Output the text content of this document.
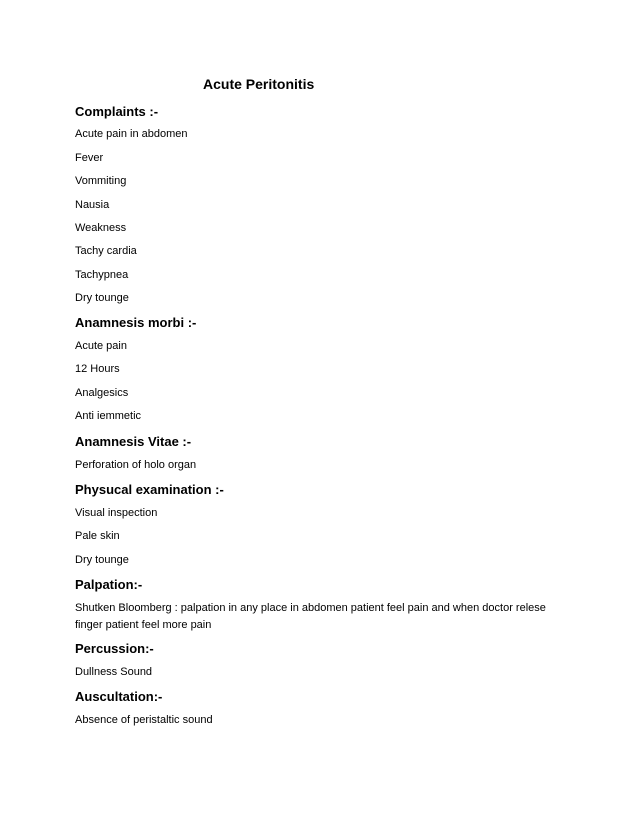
Acute Peritonitis
Complaints :-
Acute pain in abdomen
Fever
Vommiting
Nausia
Weakness
Tachy cardia
Tachypnea
Dry tounge
Anamnesis morbi :-
Acute pain
12 Hours
Analgesics
Anti iemmetic
Anamnesis Vitae :-
Perforation of holo organ
Physucal examination :-
Visual inspection
Pale skin
Dry tounge
Palpation:-
Shutken Bloomberg : palpation in any place in abdomen patient feel pain and when doctor relese finger patient feel more pain
Percussion:-
Dullness Sound
Auscultation:-
Absence of peristaltic sound
